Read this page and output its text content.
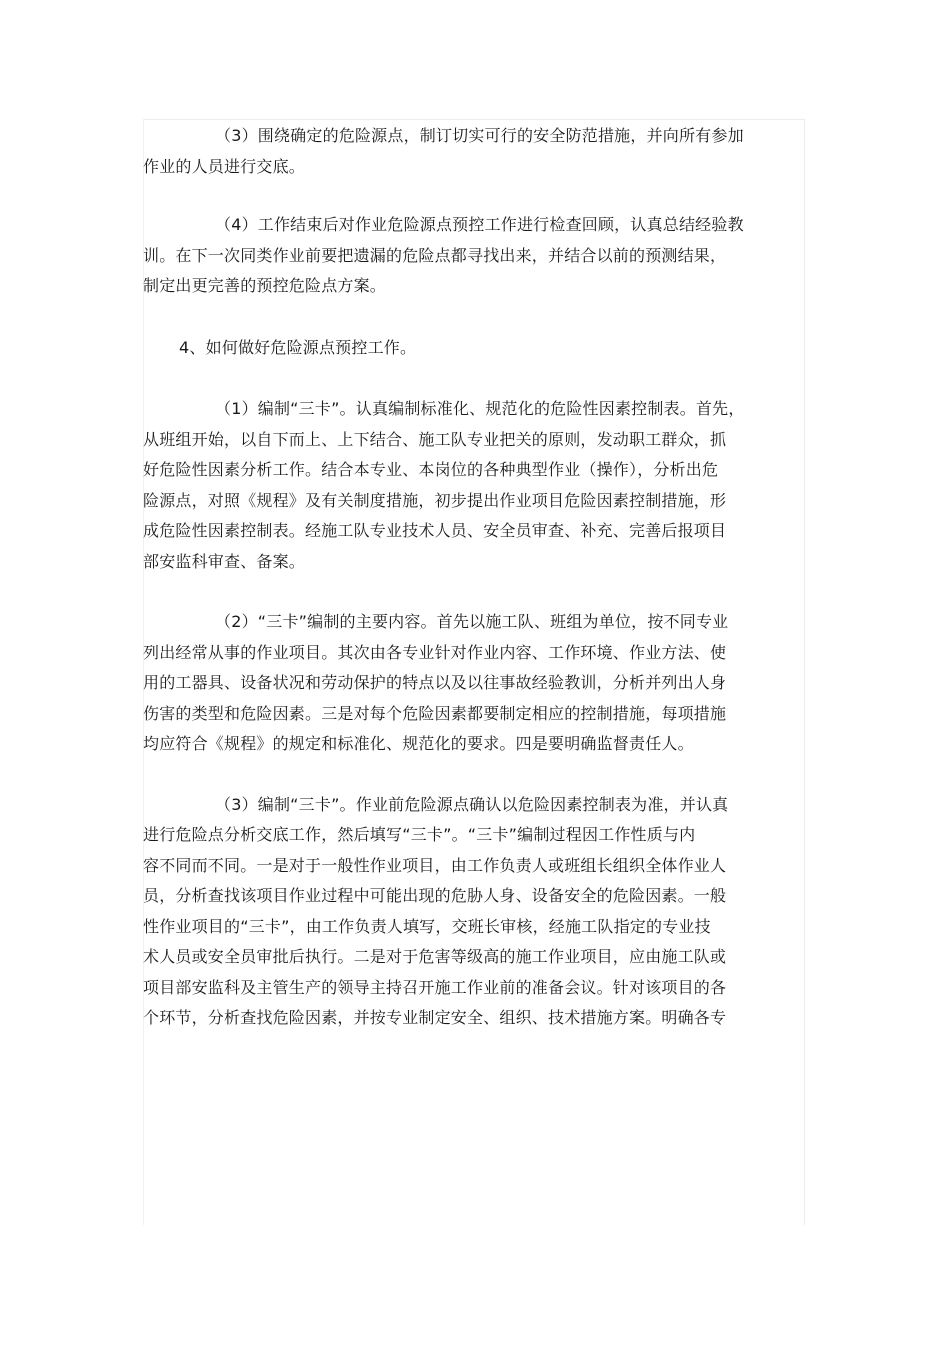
（3）围绕确定的危险源点，制订切实可行的安全防范措施，并向所有参加
作业的人员进行交底。

（4）工作结束后对作业危险源点预控工作进行检查回顾，认真总结经验教
训。在下一次同类作业前要把遗漏的危险点都寻找出来，并结合以前的预测结果，
制定出更完善的预控危险点方案。

4、如何做好危险源点预控工作。

（1）编制“三卡”。认真编制标准化、规范化的危险性因素控制表。首先，
从班组开始，以自下而上、上下结合、施工队专业把关的原则，发动职工群众，抓
好危险性因素分析工作。结合本专业、本岗位的各种典型作业（操作），分析出危
险源点，对照《规程》及有关制度措施，初步提出作业项目危险因素控制措施，形
成危险性因素控制表。经施工队专业技术人员、安全员审查、补充、完善后报项目
部安监科审查、备案。

（2）“三卡”编制的主要内容。首先以施工队、班组为单位，按不同专业
列出经常从事的作业项目。其次由各专业针对作业内容、工作环境、作业方法、使
用的工器具、设备状况和劳动保护的特点以及以往事故经验教训，分析并列出人身
伤害的类型和危险因素。三是对每个危险因素都要制定相应的控制措施，每项措施
均应符合《规程》的规定和标准化、规范化的要求。四是要明确监督责任人。

（3）编制“三卡”。作业前危险源点确认以危险因素控制表为准，并认真
进行危险点分析交底工作，然后填写“三卡”。“三卡”编制过程因工作性质与内
容不同而不同。一是对于一般性作业项目，由工作负责人或班组长组织全体作业人
员，分析查找该项目作业过程中可能出现的危胁人身、设备安全的危险因素。一般
性作业项目的“三卡”，由工作负责人填写，交班长审核，经施工队指定的专业技
术人员或安全员审批后执行。二是对于危害等级高的施工作业项目，应由施工队或
项目部安监科及主管生产的领导主持召开施工作业前的准备会议。针对该项目的各
个环节，分析查找危险因素，并按专业制定安全、组织、技术措施方案。明确各专
